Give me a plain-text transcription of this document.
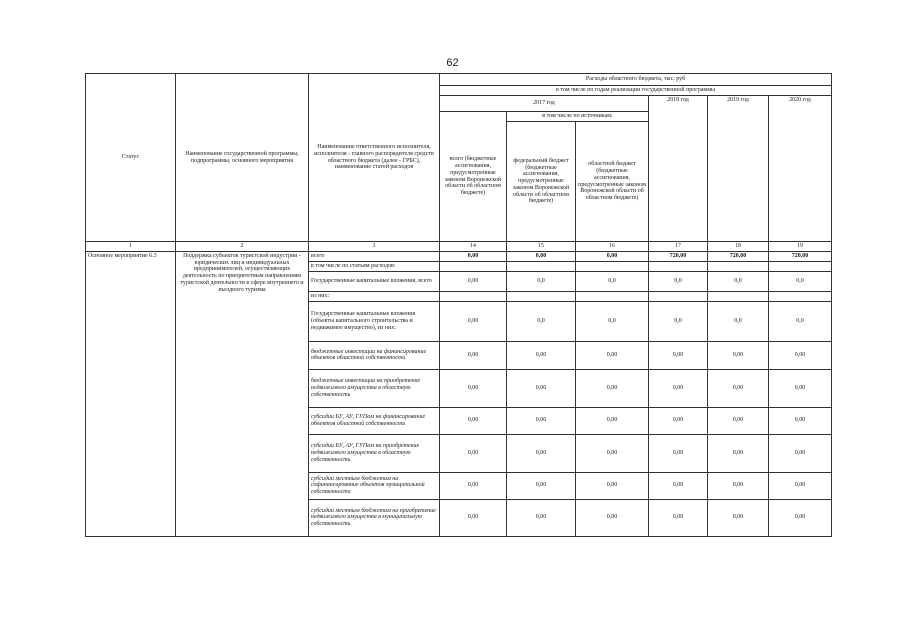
62
Статус	Наименование государственной программы, подпрограммы, основного мероприятия	Наименование ответственного исполнителя, исполнителя - главного распорядителя средств областного бюджета (далее - ГРБС), наименование статей расходов	Расходы областного бюджета, тыс. руб					
			в том числе по годам реализации государственной программы					
			2017 год			2018 год	2019 год	2020 год
			всего (бюджетные ассигнования, предусмотренные законом Воронежской области об областном бюджете)	в том числе по источникам:				
				федеральный бюджет (бюджетные ассигнования, предусмотренные законом Воронежской области об областном бюджете)	областной бюджет (бюджетные ассигнования, предусмотренные законом Воронежской области об областном бюджете)			
1	2	3	14	15	16	17	18	19
Основное мероприятие 6.3	Поддержка субъектов туристской индустрии - юридических лиц и индивидуальных предпринимателей, осуществляющих деятельность по приоритетным направлениям туристской деятельности в сфере внутреннего и въездного туризма	всего	0,00	0,00	0,00	720,00	720,00	720,00
		в том числе по статьям расходов:						
		Государственные капитальные вложения, всего	0,00	0,0	0,0	0,0	0,0	0,0
		из них:						
		Государственные капитальные вложения (объекты капитального строительства и недвижимое имущество), из них:	0,00	0,0	0,0	0,0	0,0	0,0
		бюджетные инвестиции на финансирование объектов областной собственности	0,00	0,00	0,00	0,00	0,00	0,00
		бюджетные инвестиции на приобретение недвижимого имущества в областную собственность	0,00	0,00	0,00	0,00	0,00	0,00
		субсидии БУ, АУ, ГУПам на финансирование объектов областной собственности	0,00	0,00	0,00	0,00	0,00	0,00
		субсидии БУ, АУ, ГУПам на приобретение недвижимого имущества в областную собственность	0,00	0,00	0,00	0,00	0,00	0,00
		субсидии местным бюджетам на софинансирование объектов муниципальной собственности	0,00	0,00	0,00	0,00	0,00	0,00
		субсидии местным бюджетам на приобретение недвижимого имущества в муниципальную собственность	0,00	0,00	0,00	0,00	0,00	0,00
